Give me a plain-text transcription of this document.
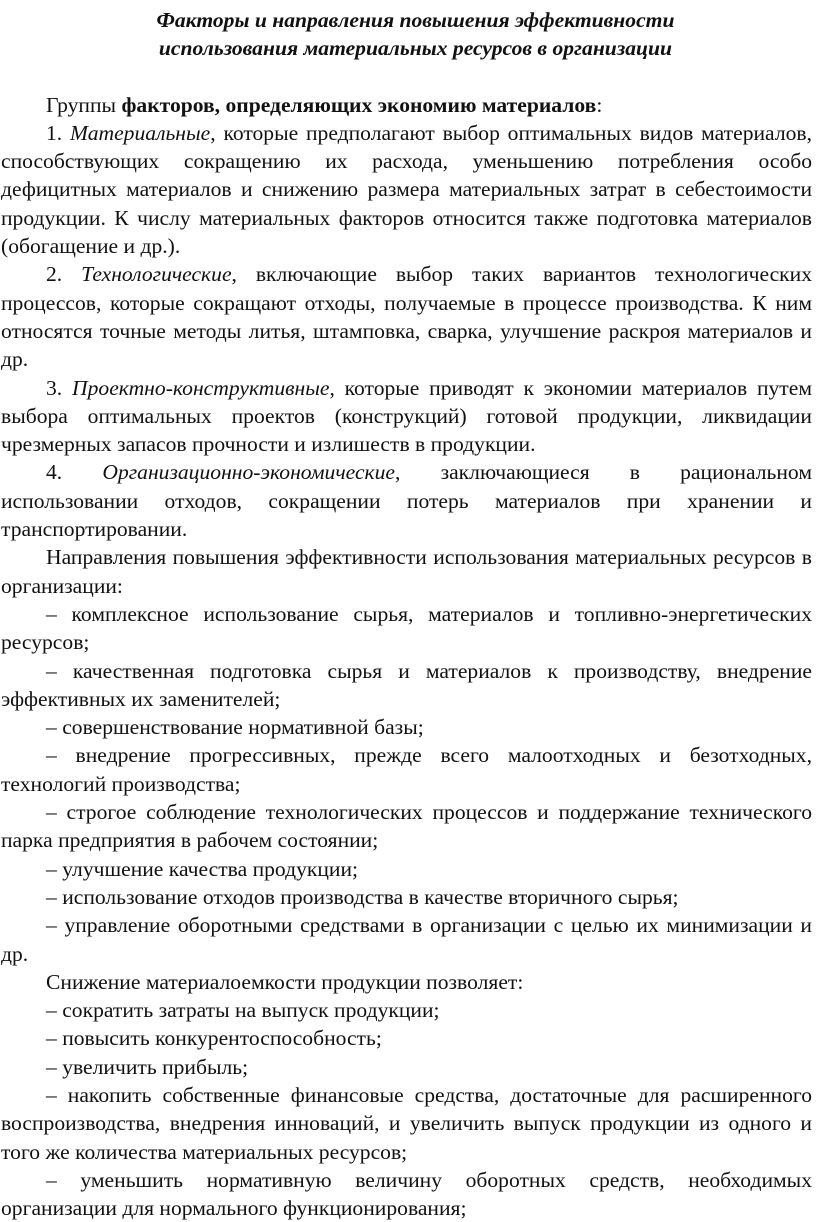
Факторы и направления повышения эффективности
использования материальных ресурсов в организации

Группы факторов, определяющих экономию материалов:

1. Материальные, которые предполагают выбор оптимальных видов материалов, способствующих сокращению их расхода, уменьшению потребления особо дефицитных материалов и снижению размера материальных затрат в себестоимости продукции. К числу материальных факторов относится также подготовка материалов (обогащение и др.).

2. Технологические, включающие выбор таких вариантов технологических процессов, которые сокращают отходы, получаемые в процессе производства. К ним относятся точные методы литья, штамповка, сварка, улучшение раскроя материалов и др.

3. Проектно-конструктивные, которые приводят к экономии материалов путем выбора оптимальных проектов (конструкций) готовой продукции, ликвидации чрезмерных запасов прочности и излишеств в продукции.

4. Организационно-экономические, заключающиеся в рациональном использовании отходов, сокращении потерь материалов при хранении и транспортировании.

Направления повышения эффективности использования материальных ресурсов в организации:

– комплексное использование сырья, материалов и топливно-энергетических ресурсов;

– качественная подготовка сырья и материалов к производству, внедрение эффективных их заменителей;

– совершенствование нормативной базы;

– внедрение прогрессивных, прежде всего малоотходных и безотходных, технологий производства;

– строгое соблюдение технологических процессов и поддержание технического парка предприятия в рабочем состоянии;

– улучшение качества продукции;

– использование отходов производства в качестве вторичного сырья;

– управление оборотными средствами в организации с целью их минимизации и др.

Снижение материалоемкости продукции позволяет:

– сократить затраты на выпуск продукции;

– повысить конкурентоспособность;

– увеличить прибыль;

– накопить собственные финансовые средства, достаточные для расширенного воспроизводства, внедрения инноваций, и увеличить выпуск продукции из одного и того же количества материальных ресурсов;

– уменьшить нормативную величину оборотных средств, необходимых организации для нормального функционирования;
